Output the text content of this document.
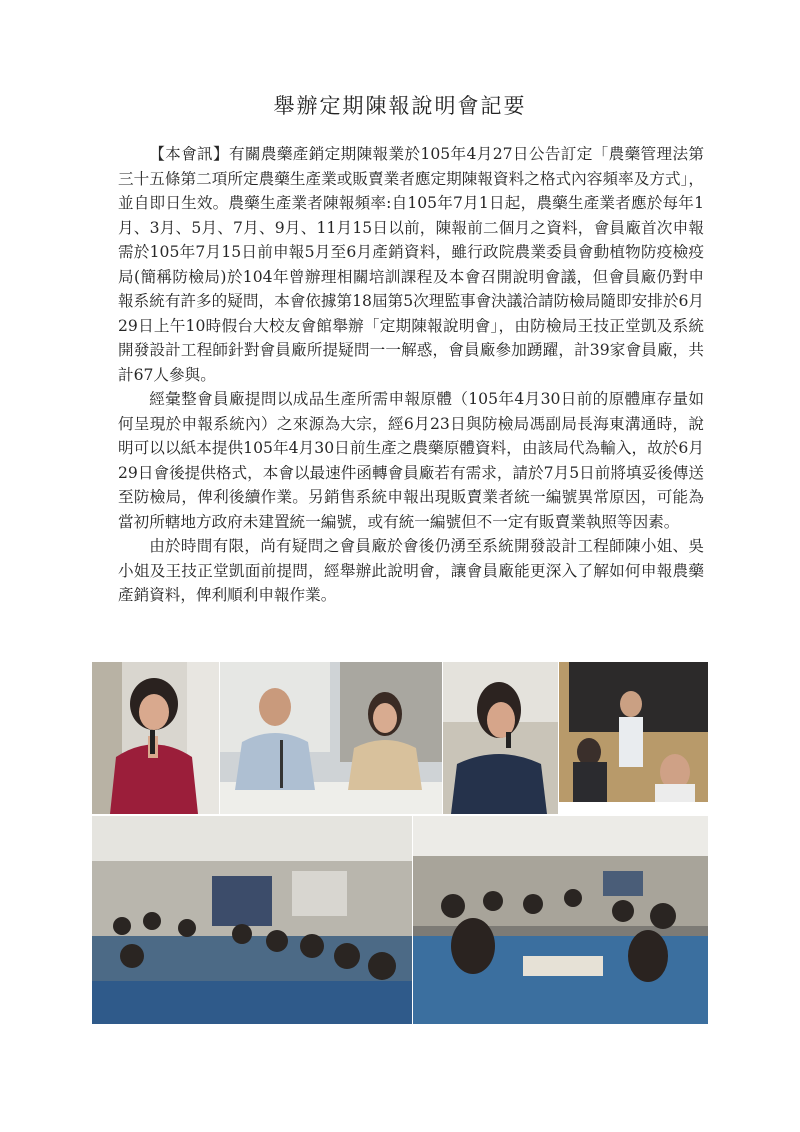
舉辦定期陳報說明會記要

【本會訊】有關農藥產銷定期陳報業於105年4月27日公告訂定「農藥管理法第三十五條第二項所定農藥生產業或販賣業者應定期陳報資料之格式內容頻率及方式」，並自即日生效。農藥生產業者陳報頻率:自105年7月1日起，農藥生產業者應於每年1月、3月、5月、7月、9月、11月15日以前，陳報前二個月之資料，會員廠首次申報需於105年7月15日前申報5月至6月產銷資料，雖行政院農業委員會動植物防疫檢疫局(簡稱防檢局)於104年曾辦理相關培訓課程及本會召開說明會議，但會員廠仍對申報系統有許多的疑問，本會依據第18屆第5次理監事會決議洽請防檢局隨即安排於6月29日上午10時假台大校友會館舉辦「定期陳報說明會」，由防檢局王技正堂凱及系統開發設計工程師針對會員廠所提疑問一一解惑，會員廠參加踴躍，計39家會員廠，共計67人參與。

經彙整會員廠提問以成品生產所需申報原體（105年4月30日前的原體庫存量如何呈現於申報系統內）之來源為大宗，經6月23日與防檢局馮副局長海東溝通時，說明可以以紙本提供105年4月30日前生產之農藥原體資料，由該局代為輸入，故於6月29日會後提供格式，本會以最速件函轉會員廠若有需求，請於7月5日前將填妥後傳送至防檢局，俾利後續作業。另銷售系統申報出現販賣業者統一編號異常原因，可能為當初所轄地方政府未建置統一編號，或有統一編號但不一定有販賣業執照等因素。

由於時間有限，尚有疑問之會員廠於會後仍湧至系統開發設計工程師陳小姐、吳小姐及王技正堂凱面前提問，經舉辦此說明會，讓會員廠能更深入了解如何申報農藥產銷資料，俾利順利申報作業。
